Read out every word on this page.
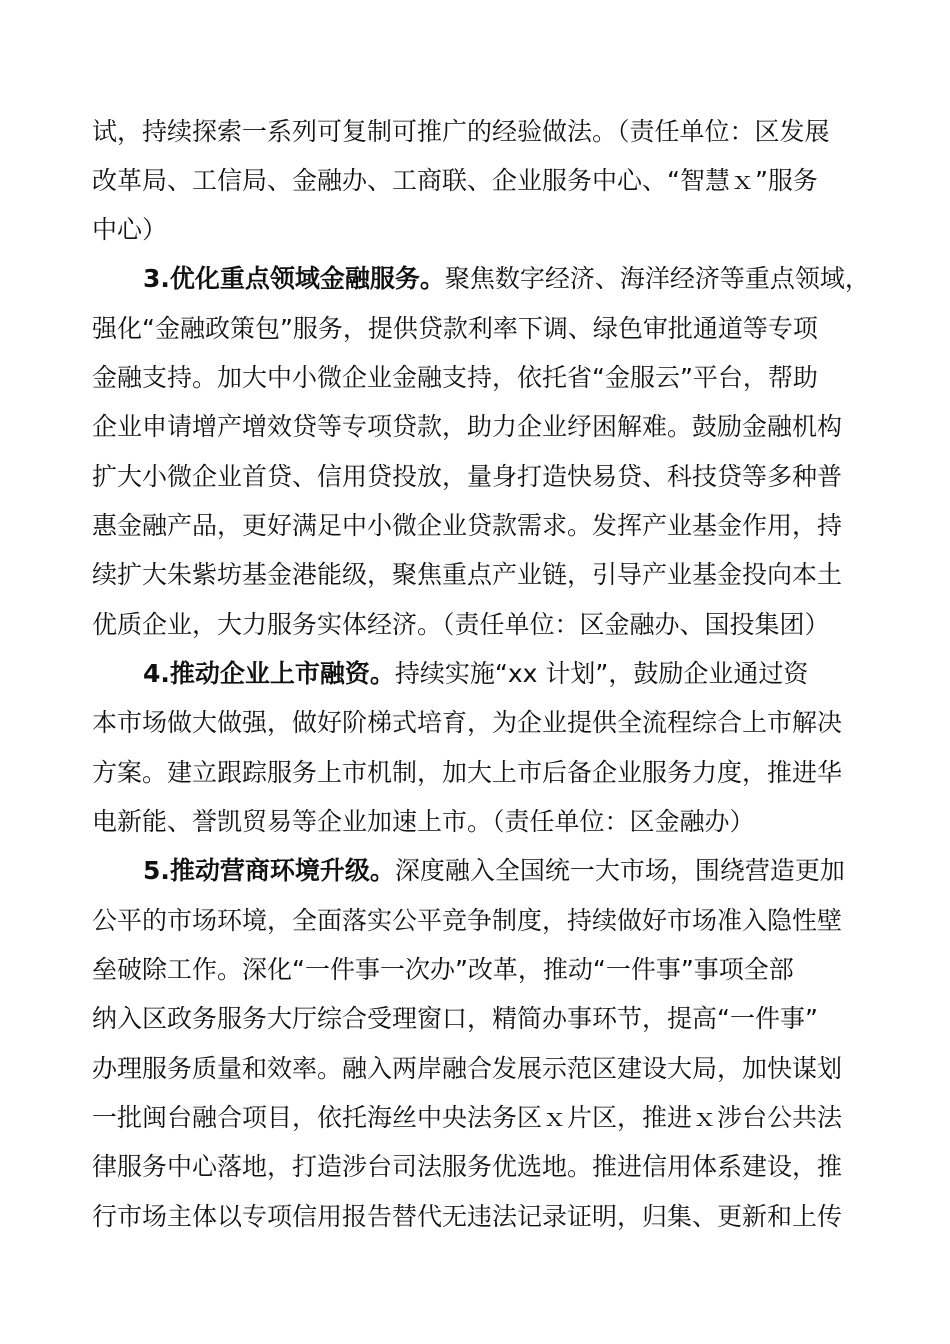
试，持续探索一系列可复制可推广的经验做法。（责任单位：区发展
改革局、工信局、金融办、工商联、企业服务中心、“智慧ｘ”服务
中心）
3.优化重点领域金融服务。聚焦数字经济、海洋经济等重点领域，
强化“金融政策包”服务，提供贷款利率下调、绿色审批通道等专项
金融支持。加大中小微企业金融支持，依托省“金服云”平台，帮助
企业申请增产增效贷等专项贷款，助力企业纾困解难。鼓励金融机构
扩大小微企业首贷、信用贷投放，量身打造快易贷、科技贷等多种普
惠金融产品，更好满足中小微企业贷款需求。发挥产业基金作用，持
续扩大朱紫坊基金港能级，聚焦重点产业链，引导产业基金投向本土
优质企业，大力服务实体经济。（责任单位：区金融办、国投集团）
4.推动企业上市融资。持续实施“xx 计划”，鼓励企业通过资
本市场做大做强，做好阶梯式培育，为企业提供全流程综合上市解决
方案。建立跟踪服务上市机制，加大上市后备企业服务力度，推进华
电新能、誉凯贸易等企业加速上市。（责任单位：区金融办）
5.推动营商环境升级。深度融入全国统一大市场，围绕营造更加
公平的市场环境，全面落实公平竞争制度，持续做好市场准入隐性壁
垒破除工作。深化“一件事一次办”改革，推动“一件事”事项全部
纳入区政务服务大厅综合受理窗口，精简办事环节，提高“一件事”
办理服务质量和效率。融入两岸融合发展示范区建设大局，加快谋划
一批闽台融合项目，依托海丝中央法务区ｘ片区，推进ｘ涉台公共法
律服务中心落地，打造涉台司法服务优选地。推进信用体系建设，推
行市场主体以专项信用报告替代无违法记录证明，归集、更新和上传
